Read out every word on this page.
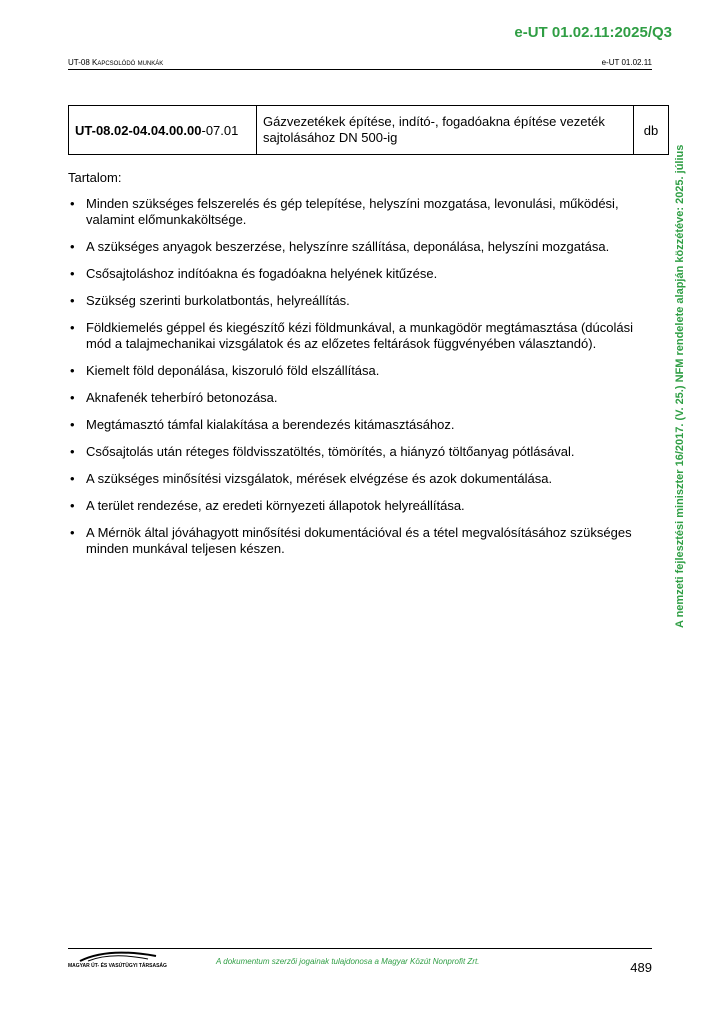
e-UT 01.02.11:2025/Q3
UT-08 Kapcsolódó munkák	e-UT 01.02.11
UT-08.02-04.04.00.00-07.01	Gázvezetékek építése, indító-, fogadóakna építése vezeték sajtolásához DN 500-ig	db

Tartalom:

• Minden szükséges felszerelés és gép telepítése, helyszíni mozgatása, levonulási, működési, valamint előmunkaköltsége.
• A szükséges anyagok beszerzése, helyszínre szállítása, deponálása, helyszíni mozgatása.
• Csősajtoláshoz indítóakna és fogadóakna helyének kitűzése.
• Szükség szerinti burkolatbontás, helyreállítás.
• Földkiemelés géppel és kiegészítő kézi földmunkával, a munkagödör megtámasztása (dúcolási mód a talajmechanikai vizsgálatok és az előzetes feltárások függvényében választandó).
• Kiemelt föld deponálása, kiszoruló föld elszállítása.
• Aknafenék teherbíró betonozása.
• Megtámasztó támfal kialakítása a berendezés kitámasztásához.
• Csősajtolás után réteges földvisszatöltés, tömörítés, a hiányzó töltőanyag pótlásával.
• A szükséges minősítési vizsgálatok, mérések elvégzése és azok dokumentálása.
• A terület rendezése, az eredeti környezeti állapotok helyreállítása.
• A Mérnök által jóváhagyott minősítési dokumentációval és a tétel megvalósításához szükséges minden munkával teljesen készen.	A nemzeti fejlesztési miniszter 16/2017. (V. 25.) NFM rendelete alapján közzétéve: 2025. július
MAGYAR ÚT- ÉS VASÚTÜGYI TÁRSASÁG	A dokumentum szerzői jogainak tulajdonosa a Magyar Közút Nonprofit Zrt.	489
